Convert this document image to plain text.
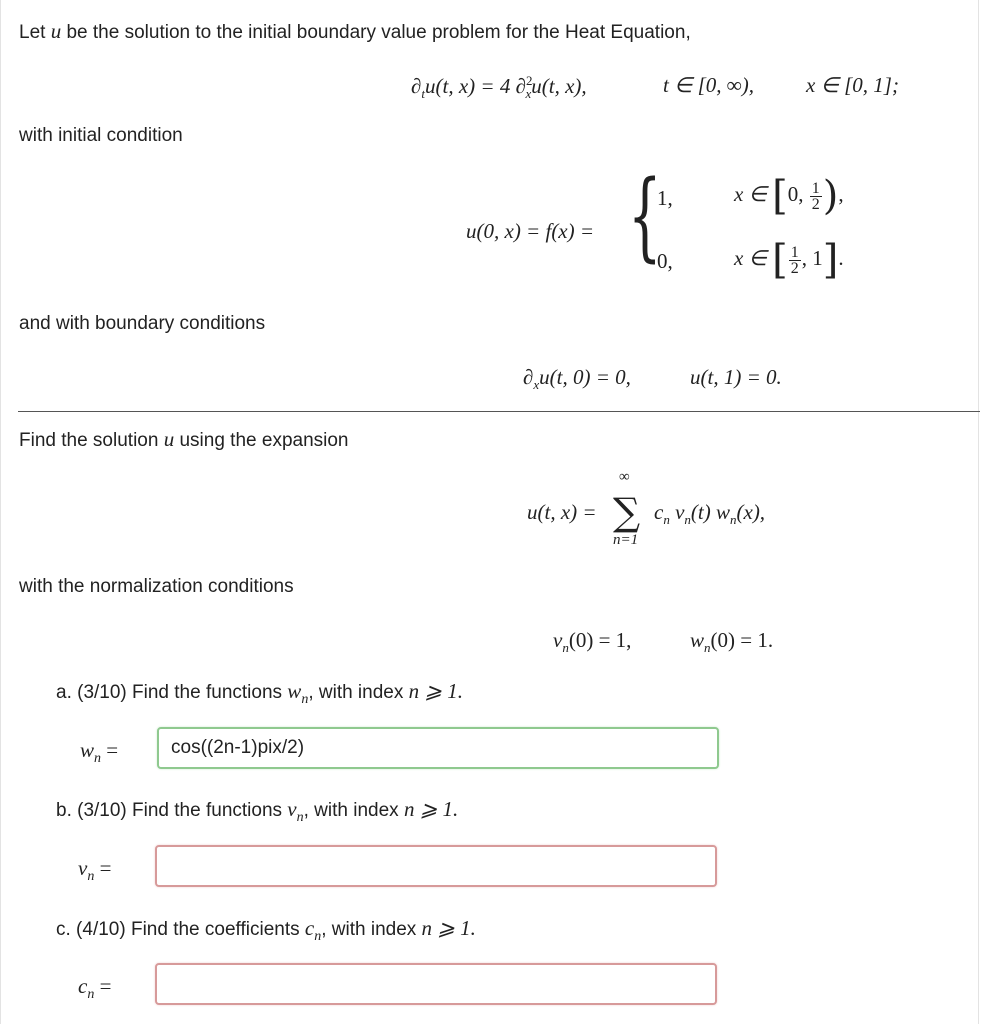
Let u be the solution to the initial boundary value problem for the Heat Equation,
$\partial_tu(t$, x) = 4 ∂$^2_x$u(t, x),	t ∈ [0, ∞), x ∈ [0, 1];
with initial condition
u(0, x) = f(x) = {
1,	x ∈ [0, $\frac{1}{2}$ ),
0,	x ∈ [ $\frac{1}{2}$ , 1].
and with boundary conditions
$\partial_xu(t$, 0) = 0,	u(t, 1) = 0.
Find the solution u using the expansion
u(t, x) =
∞
∑
n=1
$c_n$ $v_n(t)$ $w_n(x)$,
with the normalization conditions
$v_n(0) = 1$,	$w_n(0) = 1$.
a. (3/10) Find the functions $w_n$, with index n ⩾ 1.
$w_n$ =
cos((2n-1)pix/2)
b. (3/10) Find the functions $v_n$, with index n ⩾ 1.
$v_n$ =
c. (4/10) Find the coefficients $c_n$, with index n ⩾ 1.
$c_n$ =
